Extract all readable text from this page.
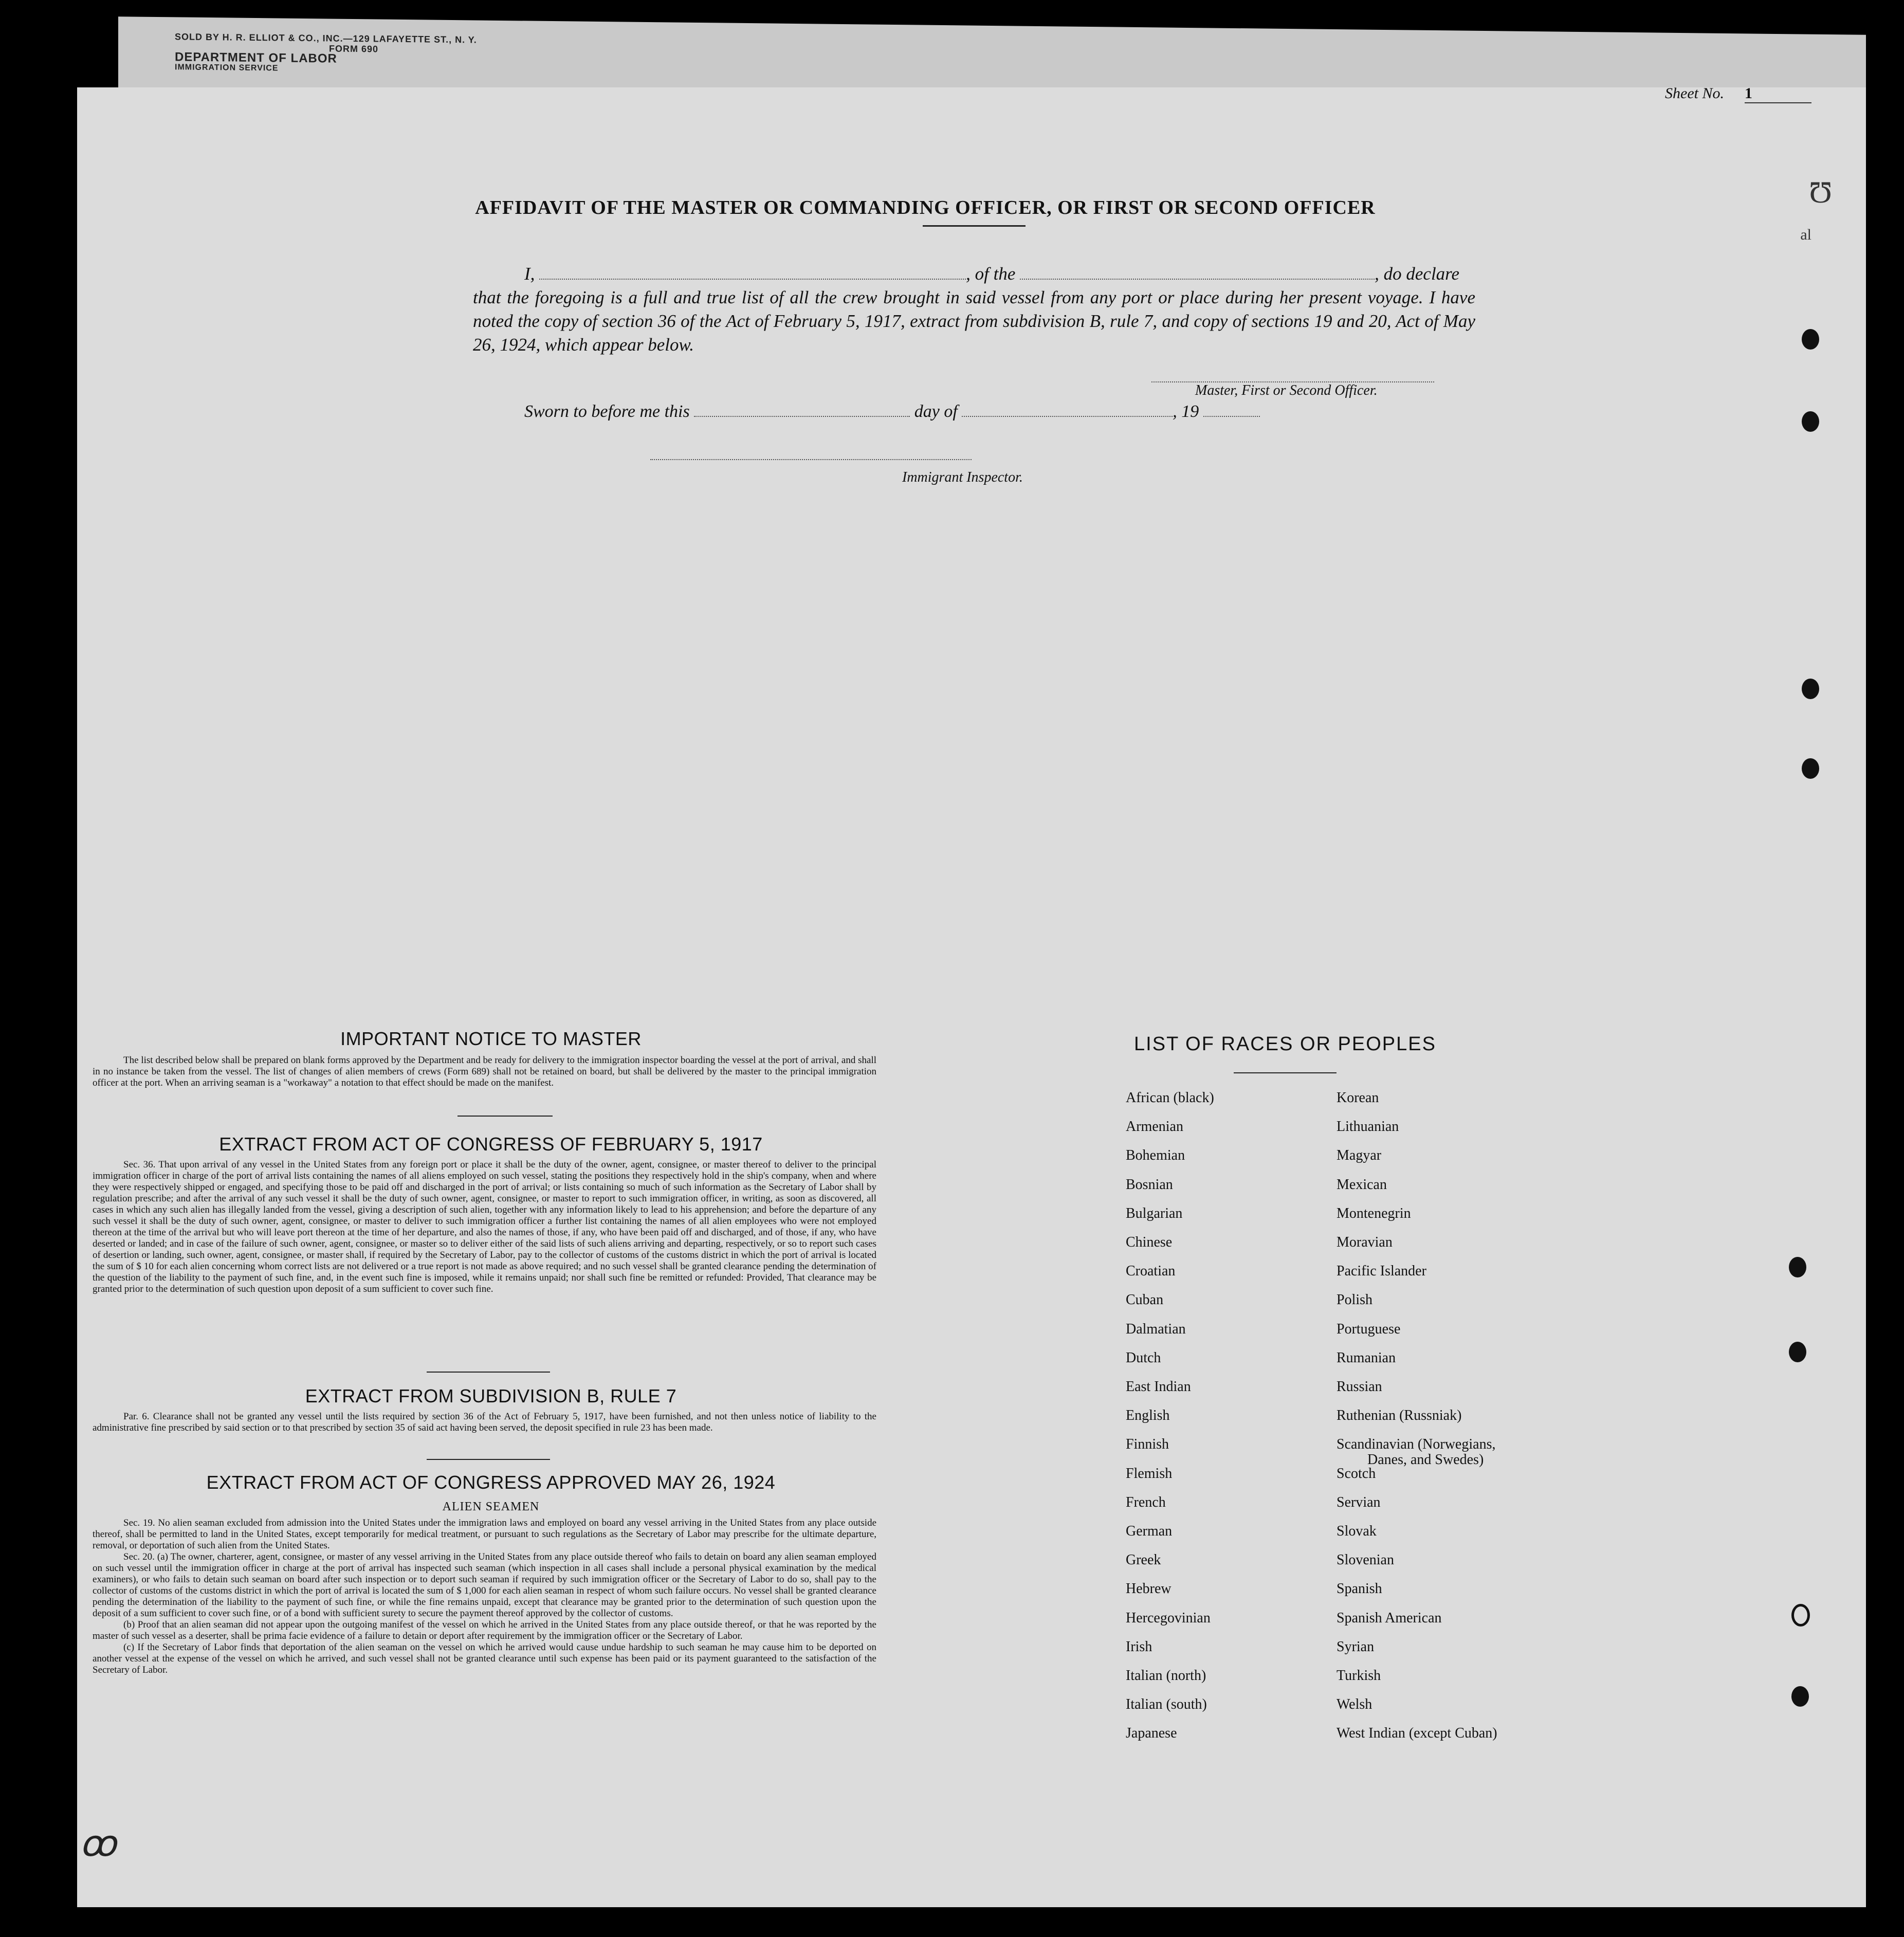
SOLD BY H. R. ELLIOT & CO., INC.—129 LAFAYETTE ST., N. Y.
FORM 690
DEPARTMENT OF LABOR
IMMIGRATION SERVICE
Sheet No. 1
Ʊ
al
AFFIDAVIT OF THE MASTER OR COMMANDING OFFICER, OR FIRST OR SECOND OFFICER
I,	, of the	, do declare
that the foregoing is a full and true list of all the crew brought in said vessel from any port or place during her present voyage. I have noted the copy of section 36 of the Act of February 5, 1917, extract from subdivision B, rule 7, and copy of sections 19 and 20, Act of May 26, 1924, which appear below.
Master, First or Second Officer.
Sworn to before me this	day of	, 19
Immigrant Inspector.
IMPORTANT NOTICE TO MASTER

The list described below shall be prepared on blank forms approved by the Department and be ready for delivery to the immigration inspector boarding the vessel at the port of arrival, and shall in no instance be taken from the vessel. The list of changes of alien members of crews (Form 689) shall not be retained on board, but shall be delivered by the master to the principal immigration officer at the port. When an arriving seaman is a "workaway" a notation to that effect should be made on the manifest.

EXTRACT FROM ACT OF CONGRESS OF FEBRUARY 5, 1917

Sec. 36. That upon arrival of any vessel in the United States from any foreign port or place it shall be the duty of the owner, agent, consignee, or master thereof to deliver to the principal immigration officer in charge of the port of arrival lists containing the names of all aliens employed on such vessel, stating the positions they respectively hold in the ship's company, when and where they were respectively shipped or engaged, and specifying those to be paid off and discharged in the port of arrival; or lists containing so much of such information as the Secretary of Labor shall by regulation prescribe; and after the arrival of any such vessel it shall be the duty of such owner, agent, consignee, or master to report to such immigration officer, in writing, as soon as discovered, all cases in which any such alien has illegally landed from the vessel, giving a description of such alien, together with any information likely to lead to his apprehension; and before the departure of any such vessel it shall be the duty of such owner, agent, consignee, or master to deliver to such immigration officer a further list containing the names of all alien employees who were not employed thereon at the time of the arrival but who will leave port thereon at the time of her departure, and also the names of those, if any, who have been paid off and discharged, and of those, if any, who have deserted or landed; and in case of the failure of such owner, agent, consignee, or master so to deliver either of the said lists of such aliens arriving and departing, respectively, or so to report such cases of desertion or landing, such owner, agent, consignee, or master shall, if required by the Secretary of Labor, pay to the collector of customs of the customs district in which the port of arrival is located the sum of $ 10 for each alien concerning whom correct lists are not delivered or a true report is not made as above required; and no such vessel shall be granted clearance pending the determination of the question of the liability to the payment of such fine, and, in the event such fine is imposed, while it remains unpaid; nor shall such fine be remitted or refunded: Provided, That clearance may be granted prior to the determination of such question upon deposit of a sum sufficient to cover such fine.

EXTRACT FROM SUBDIVISION B, RULE 7

Par. 6. Clearance shall not be granted any vessel until the lists required by section 36 of the Act of February 5, 1917, have been furnished, and not then unless notice of liability to the administrative fine prescribed by said section or to that prescribed by section 35 of said act having been served, the deposit specified in rule 23 has been made.

EXTRACT FROM ACT OF CONGRESS APPROVED MAY 26, 1924
ALIEN SEAMEN

Sec. 19. No alien seaman excluded from admission into the United States under the immigration laws and employed on board any vessel arriving in the United States from any place outside thereof, shall be permitted to land in the United States, except temporarily for medical treatment, or pursuant to such regulations as the Secretary of Labor may prescribe for the ultimate departure, removal, or deportation of such alien from the United States.

Sec. 20. (a) The owner, charterer, agent, consignee, or master of any vessel arriving in the United States from any place outside thereof who fails to detain on board any alien seaman employed on such vessel until the immigration officer in charge at the port of arrival has inspected such seaman (which inspection in all cases shall include a personal physical examination by the medical examiners), or who fails to detain such seaman on board after such inspection or to deport such seaman if required by such immigration officer or the Secretary of Labor to do so, shall pay to the collector of customs of the customs district in which the port of arrival is located the sum of $ 1,000 for each alien seaman in respect of whom such failure occurs. No vessel shall be granted clearance pending the determination of the liability to the payment of such fine, or while the fine remains unpaid, except that clearance may be granted prior to the determination of such question upon the deposit of a sum sufficient to cover such fine, or of a bond with sufficient surety to secure the payment thereof approved by the collector of customs.

(b) Proof that an alien seaman did not appear upon the outgoing manifest of the vessel on which he arrived in the United States from any place outside thereof, or that he was reported by the master of such vessel as a deserter, shall be prima facie evidence of a failure to detain or deport after requirement by the immigration officer or the Secretary of Labor.

(c) If the Secretary of Labor finds that deportation of the alien seaman on the vessel on which he arrived would cause undue hardship to such seaman he may cause him to be deported on another vessel at the expense of the vessel on which he arrived, and such vessel shall not be granted clearance until such expense has been paid or its payment guaranteed to the satisfaction of the Secretary of Labor.

LIST OF RACES OR PEOPLES
African (black)
Armenian
Bohemian
Bosnian
Bulgarian
Chinese
Croatian
Cuban
Dalmatian
Dutch
East Indian
English
Finnish
Flemish
French
German
Greek
Hebrew
Hercegovinian
Irish
Italian (north)
Italian (south)
Japanese
Korean
Lithuanian
Magyar
Mexican
Montenegrin
Moravian
Pacific Islander
Polish
Portuguese
Rumanian
Russian
Ruthenian (Russniak)
Scandinavian (Norwegians,
Danes, and Swedes)
Scotch
Servian
Slovak
Slovenian
Spanish
Spanish American
Syrian
Turkish
Welsh
West Indian (except Cuban)
ꝏ
